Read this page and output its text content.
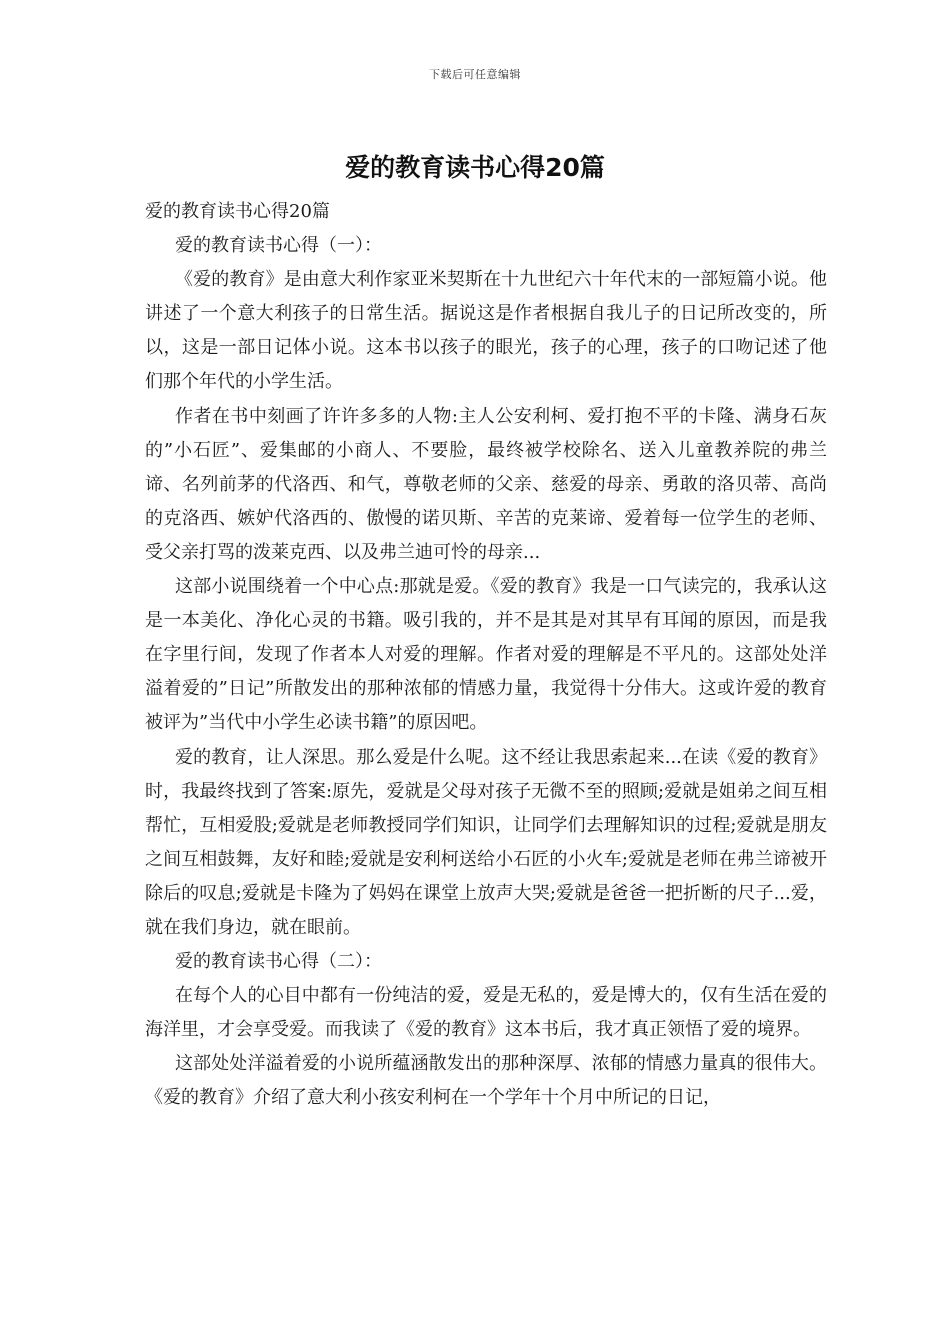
下载后可任意编辑
爱的教育读书心得20篇

爱的教育读书心得20篇

爱的教育读书心得（一）：

《爱的教育》是由意大利作家亚米契斯在十九世纪六十年代末的一部短篇小说。他讲述了一个意大利孩子的日常生活。据说这是作者根据自我儿子的日记所改变的，所以，这是一部日记体小说。这本书以孩子的眼光，孩子的心理，孩子的口吻记述了他们那个年代的小学生活。

作者在书中刻画了许许多多的人物:主人公安利柯、爱打抱不平的卡隆、满身石灰的”小石匠”、爱集邮的小商人、不要脸，最终被学校除名、送入儿童教养院的弗兰谛、名列前茅的代洛西、和气，尊敬老师的父亲、慈爱的母亲、勇敢的洛贝蒂、高尚的克洛西、嫉妒代洛西的、傲慢的诺贝斯、辛苦的克莱谛、爱着每一位学生的老师、受父亲打骂的泼莱克西、以及弗兰迪可怜的母亲...

这部小说围绕着一个中心点:那就是爱。《爱的教育》我是一口气读完的，我承认这是一本美化、净化心灵的书籍。吸引我的，并不是其是对其早有耳闻的原因，而是我在字里行间，发现了作者本人对爱的理解。作者对爱的理解是不平凡的。这部处处洋溢着爱的”日记”所散发出的那种浓郁的情感力量，我觉得十分伟大。这或许爱的教育被评为”当代中小学生必读书籍”的原因吧。

爱的教育，让人深思。那么爱是什么呢。这不经让我思索起来...在读《爱的教育》时，我最终找到了答案:原先，爱就是父母对孩子无微不至的照顾;爱就是姐弟之间互相帮忙，互相爱股;爱就是老师教授同学们知识，让同学们去理解知识的过程;爱就是朋友之间互相鼓舞，友好和睦;爱就是安利柯送给小石匠的小火车;爱就是老师在弗兰谛被开除后的叹息;爱就是卡隆为了妈妈在课堂上放声大哭;爱就是爸爸一把折断的尺子...爱，就在我们身边，就在眼前。

爱的教育读书心得（二）：

在每个人的心目中都有一份纯洁的爱，爱是无私的，爱是博大的，仅有生活在爱的海洋里，才会享受爱。而我读了《爱的教育》这本书后，我才真正领悟了爱的境界。

这部处处洋溢着爱的小说所蕴涵散发出的那种深厚、浓郁的情感力量真的很伟大。《爱的教育》介绍了意大利小孩安利柯在一个学年十个月中所记的日记，
